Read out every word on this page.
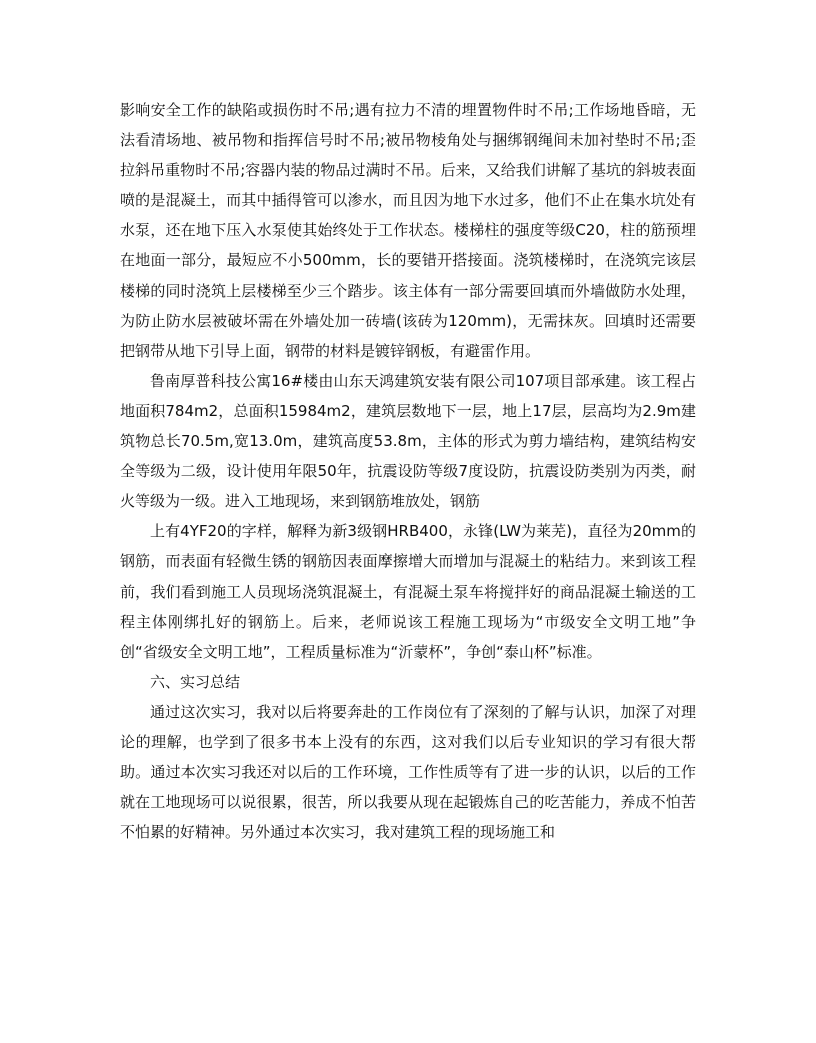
影响安全工作的缺陷或损伤时不吊;遇有拉力不清的埋置物件时不吊;工作场地昏暗，无法看清场地、被吊物和指挥信号时不吊;被吊物棱角处与捆绑钢绳间未加衬垫时不吊;歪拉斜吊重物时不吊;容器内装的物品过满时不吊。后来，又给我们讲解了基坑的斜坡表面喷的是混凝土，而其中插得管可以渗水，而且因为地下水过多，他们不止在集水坑处有水泵，还在地下压入水泵使其始终处于工作状态。楼梯柱的强度等级C20，柱的筋预埋在地面一部分，最短应不小500mm，长的要错开搭接面。浇筑楼梯时，在浇筑完该层楼梯的同时浇筑上层楼梯至少三个踏步。该主体有一部分需要回填而外墙做防水处理，为防止防水层被破坏需在外墙处加一砖墙(该砖为120mm)，无需抹灰。回填时还需要把钢带从地下引导上面，钢带的材料是镀锌钢板，有避雷作用。

鲁南厚普科技公寓16#楼由山东天鸿建筑安装有限公司107项目部承建。该工程占地面积784m2，总面积15984m2，建筑层数地下一层，地上17层，层高均为2.9m建筑物总长70.5m,宽13.0m，建筑高度53.8m，主体的形式为剪力墙结构，建筑结构安全等级为二级，设计使用年限50年，抗震设防等级7度设防，抗震设防类别为丙类，耐火等级为一级。进入工地现场，来到钢筋堆放处，钢筋

上有4YF20的字样，解释为新3级钢HRB400，永锋(LW为莱芜)，直径为20mm的钢筋，而表面有轻微生锈的钢筋因表面摩擦增大而增加与混凝土的粘结力。来到该工程前，我们看到施工人员现场浇筑混凝土，有混凝土泵车将搅拌好的商品混凝土输送的工程主体刚绑扎好的钢筋上。后来，老师说该工程施工现场为“市级安全文明工地”争创“省级安全文明工地”，工程质量标准为“沂蒙杯”，争创“泰山杯”标准。

六、实习总结

通过这次实习，我对以后将要奔赴的工作岗位有了深刻的了解与认识，加深了对理论的理解，也学到了很多书本上没有的东西，这对我们以后专业知识的学习有很大帮助。通过本次实习我还对以后的工作环境，工作性质等有了进一步的认识，以后的工作就在工地现场可以说很累，很苦，所以我要从现在起锻炼自己的吃苦能力，养成不怕苦不怕累的好精神。另外通过本次实习，我对建筑工程的现场施工和
